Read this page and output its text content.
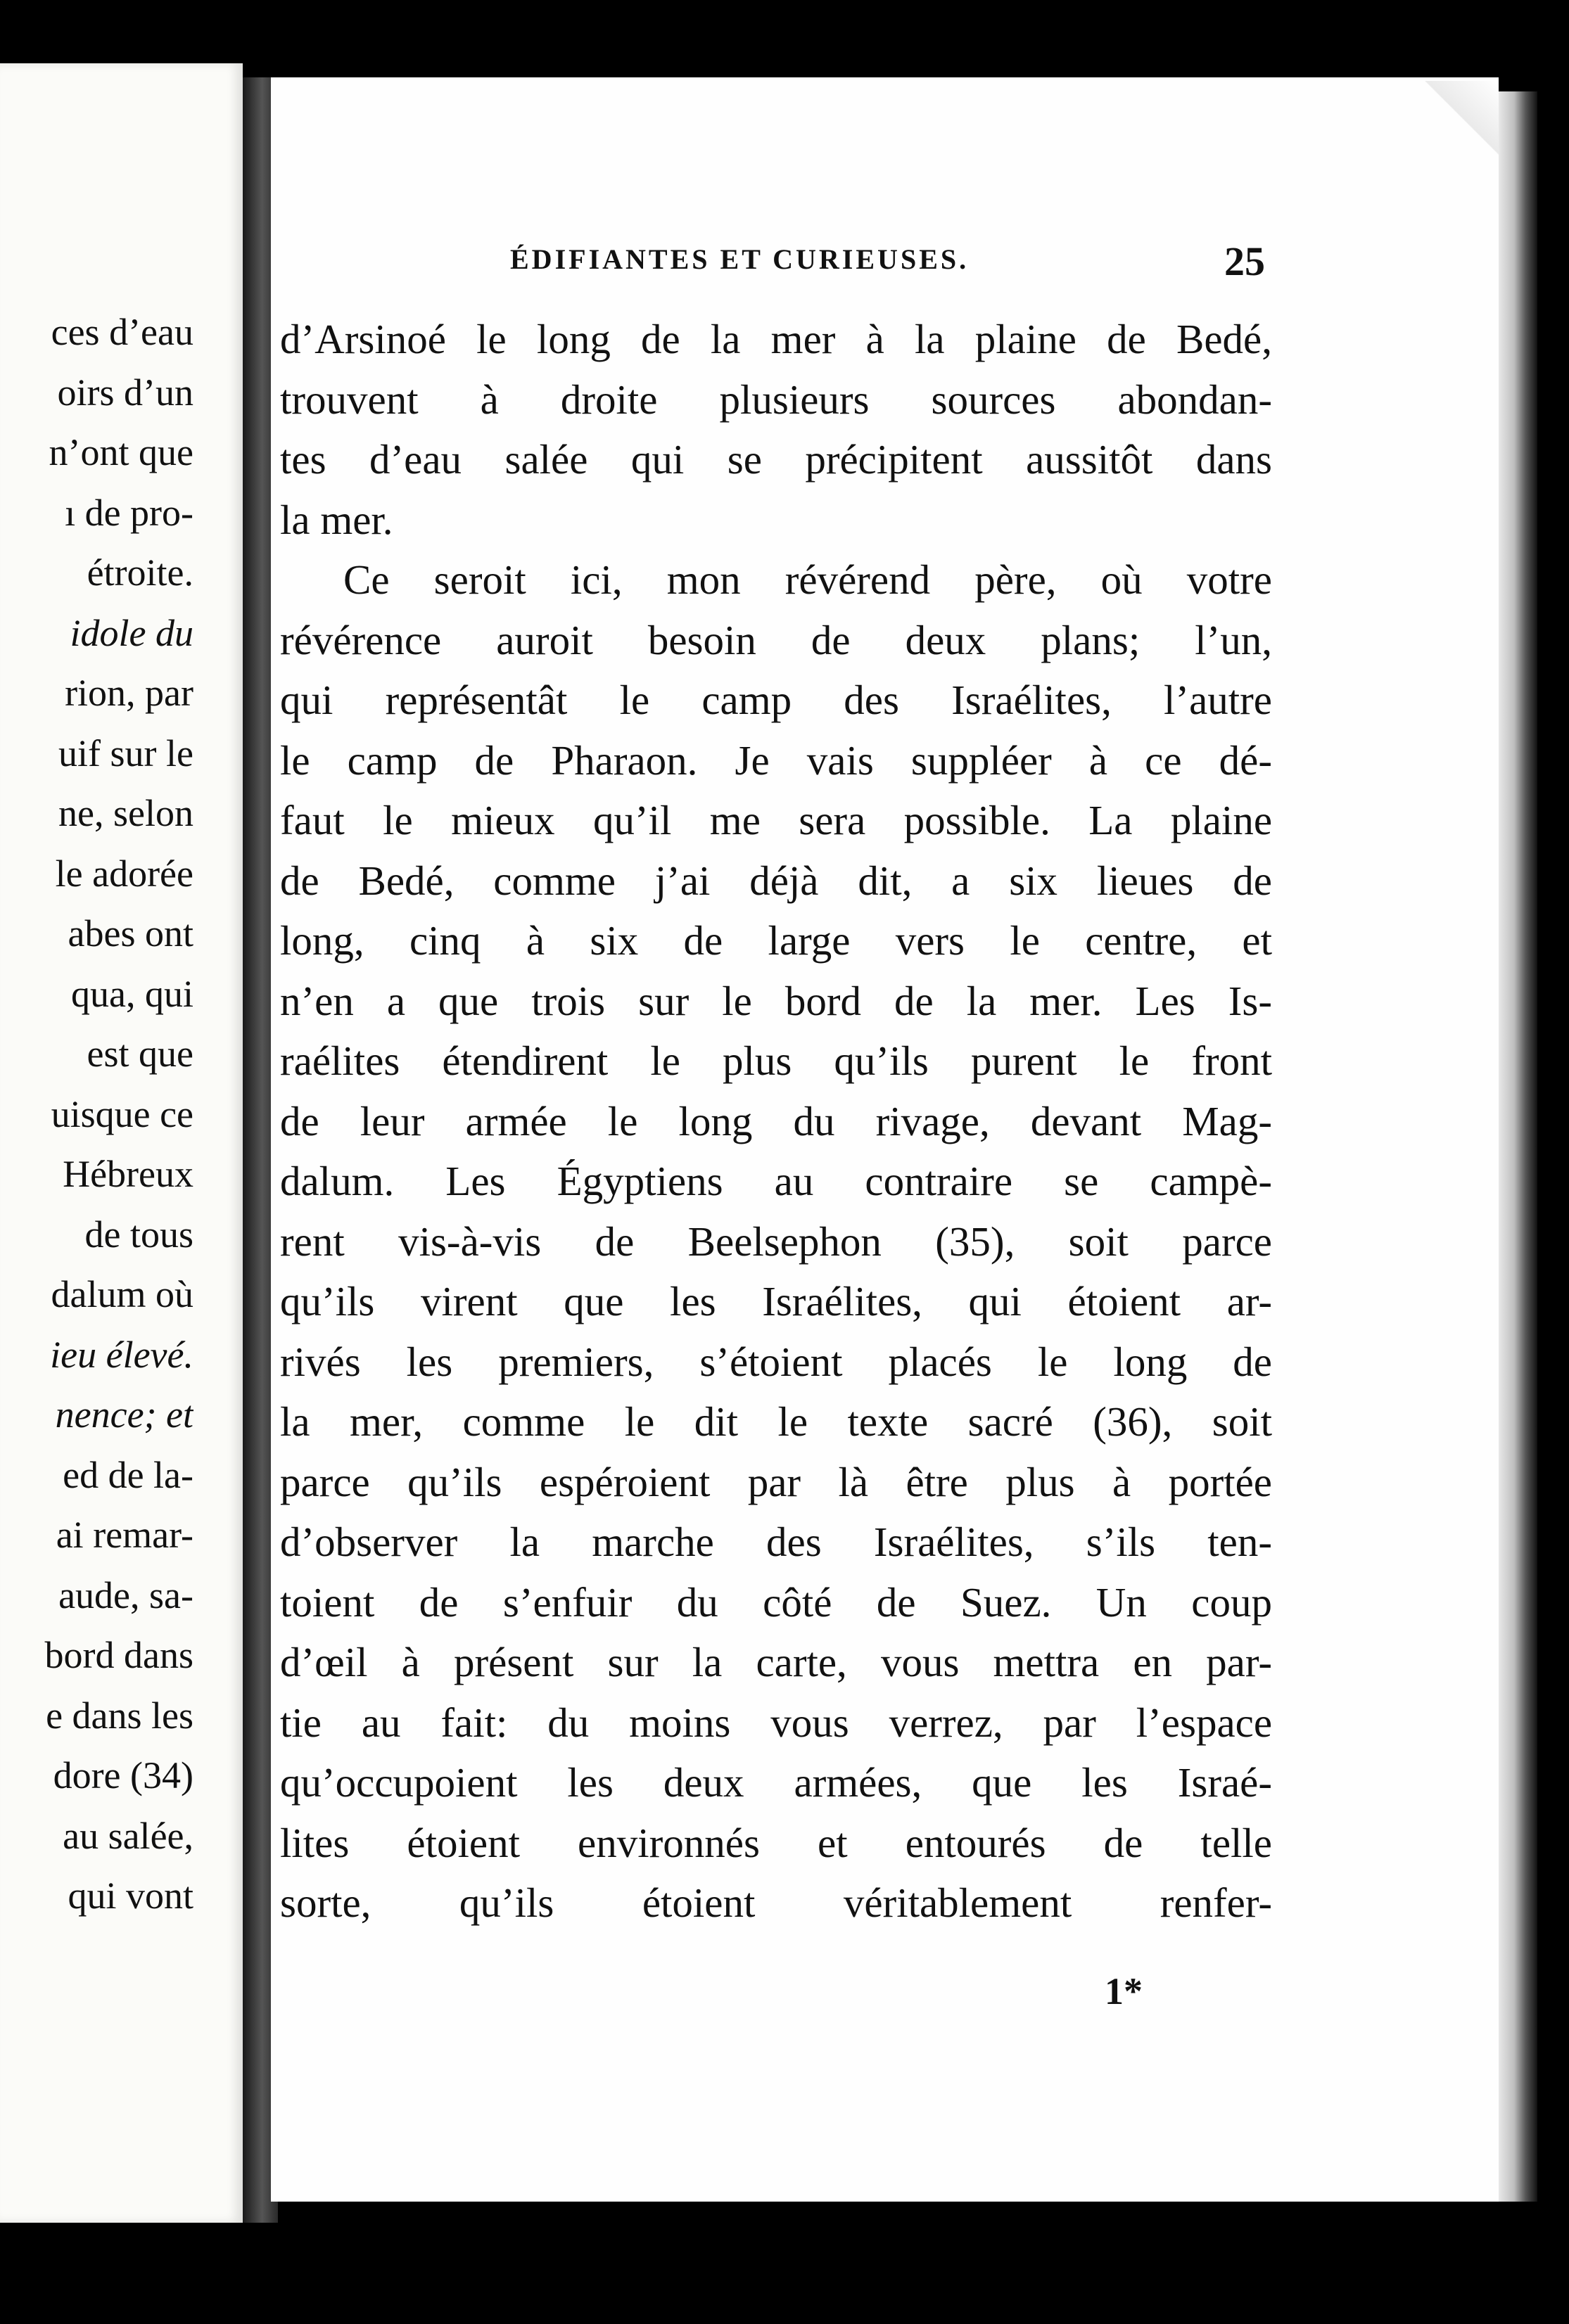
ces d’eau
oirs d’un
n’ont que
ı de pro-
étroite.
idole du
rion, par
uif sur le
ne, selon
le adorée
abes ont
qua, qui
est que
uisque ce
Hébreux
de tous
dalum où
ieu élevé.
nence; et
ed de la-
ai remar-
aude, sa-
bord dans
e dans les
dore (34)
au salée,
qui vont
ÉDIFIANTES ET CURIEUSES.	25
d’Arsinoé le long de la mer à la plaine de Bedé,
trouvent à droite plusieurs sources abondan-
tes d’eau salée qui se précipitent aussitôt dans
la mer.
Ce seroit ici, mon révérend père, où votre
révérence auroit besoin de deux plans; l’un,
qui représentât le camp des Israélites, l’autre
le camp de Pharaon. Je vais suppléer à ce dé-
faut le mieux qu’il me sera possible. La plaine
de Bedé, comme j’ai déjà dit, a six lieues de
long, cinq à six de large vers le centre, et
n’en a que trois sur le bord de la mer. Les Is-
raélites étendirent le plus qu’ils purent le front
de leur armée le long du rivage, devant Mag-
dalum. Les Égyptiens au contraire se campè-
rent vis-à-vis de Beelsephon (35), soit parce
qu’ils virent que les Israélites, qui étoient ar-
rivés les premiers, s’étoient placés le long de
la mer, comme le dit le texte sacré (36), soit
parce qu’ils espéroient par là être plus à portée
d’observer la marche des Israélites, s’ils ten-
toient de s’enfuir du côté de Suez. Un coup
d’œil à présent sur la carte, vous mettra en par-
tie au fait: du moins vous verrez, par l’espace
qu’occupoient les deux armées, que les Israé-
lites étoient environnés et entourés de telle
sorte, qu’ils étoient véritablement renfer-
1*
